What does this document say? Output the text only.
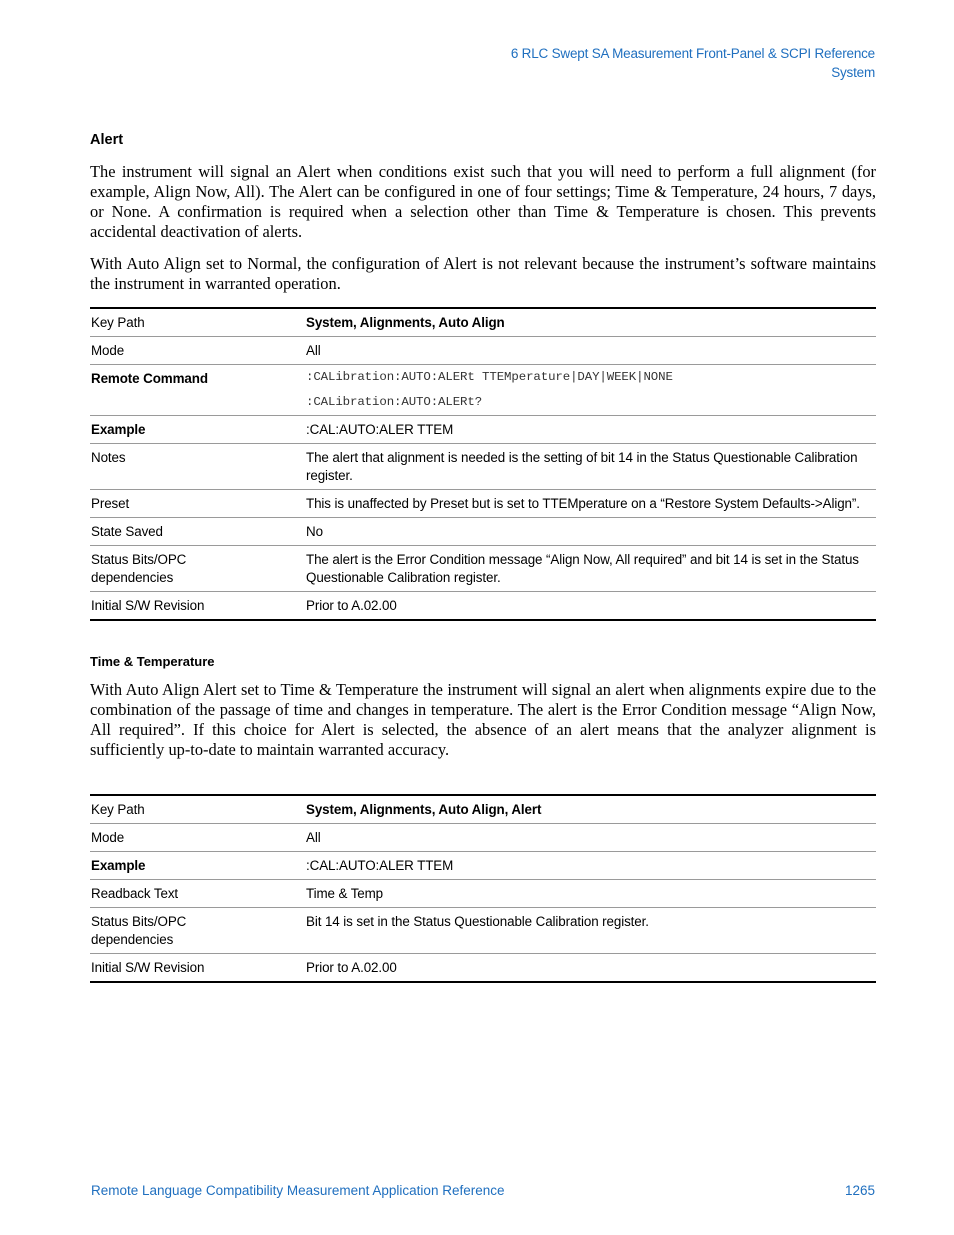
6 RLC Swept SA Measurement Front-Panel & SCPI Reference
System
Alert
The instrument will signal an Alert when conditions exist such that you will need to perform a full alignment (for example, Align Now, All). The Alert can be configured in one of four settings; Time & Temperature, 24 hours, 7 days, or None. A confirmation is required when a selection other than Time & Temperature is chosen. This prevents accidental deactivation of alerts.
With Auto Align set to Normal, the configuration of Alert is not relevant because the instrument’s software maintains the instrument in warranted operation.
Key Path	System, Alignments, Auto Align
Mode	All
Remote Command	:CALibration:AUTO:ALERt TTEMperature|DAY|WEEK|NONE
:CALibration:AUTO:ALERt?

Example	:CAL:AUTO:ALER TTEM
Notes	The alert that alignment is needed is the setting of bit 14 in the Status Questionable Calibration register.
Preset	This is unaffected by Preset but is set to TTEMperature on a “Restore System Defaults->Align”.
State Saved	No
Status Bits/OPC dependencies	The alert is the Error Condition message “Align Now, All required” and bit 14 is set in the Status Questionable Calibration register.
Initial S/W Revision	Prior to A.02.00
Time & Temperature
With Auto Align Alert set to Time & Temperature the instrument will signal an alert when alignments expire due to the combination of the passage of time and changes in temperature. The alert is the Error Condition message “Align Now, All required”. If this choice for Alert is selected, the absence of an alert means that the analyzer alignment is sufficiently up-to-date to maintain warranted accuracy.
Key Path	System, Alignments, Auto Align, Alert
Mode	All
Example	:CAL:AUTO:ALER TTEM
Readback Text	Time & Temp
Status Bits/OPC dependencies	Bit 14 is set in the Status Questionable Calibration register.
Initial S/W Revision	Prior to A.02.00
Remote Language Compatibility Measurement Application Reference	1265
